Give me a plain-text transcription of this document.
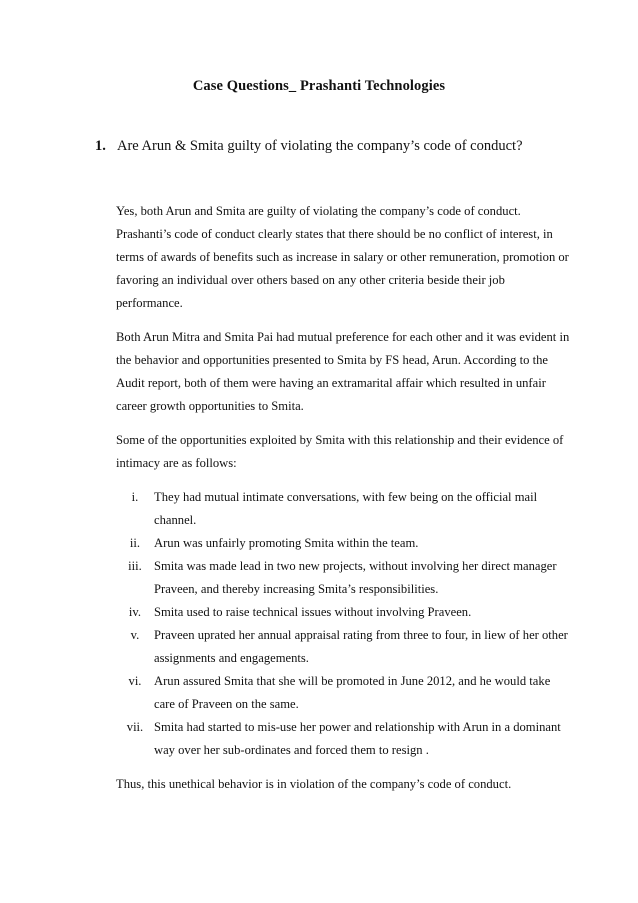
Case Questions_ Prashanti Technologies
1. Are Arun & Smita guilty of violating the company’s code of conduct?

Yes, both Arun and Smita are guilty of violating the company’s code of conduct. Prashanti’s code of conduct clearly states that there should be no conflict of interest, in terms of awards of benefits such as increase in salary or other remuneration, promotion or favoring an individual over others based on any other criteria beside their job performance.

Both Arun Mitra and Smita Pai had mutual preference for each other and it was evident in the behavior and opportunities presented to Smita by FS head, Arun. According to the Audit report, both of them were having an extramarital affair which resulted in unfair career growth opportunities to Smita.

Some of the opportunities exploited by Smita with this relationship and their evidence of intimacy are as follows:

i.	They had mutual intimate conversations, with few being on the official mail channel.
ii.	Arun was unfairly promoting Smita within the team.
iii. Smita was made lead in two new projects, without involving her direct manager Praveen, and thereby increasing Smita’s responsibilities.
iv.	Smita used to raise technical issues without involving Praveen.
v.	Praveen uprated her annual appraisal rating from three to four, in liew of her other assignments and engagements.
vi. Arun assured Smita that she will be promoted in June 2012, and he would take care of Praveen on the same.
vii. Smita had started to mis-use her power and relationship with Arun in a dominant way over her sub-ordinates and forced them to resign .

Thus, this unethical behavior is in violation of the company’s code of conduct.
